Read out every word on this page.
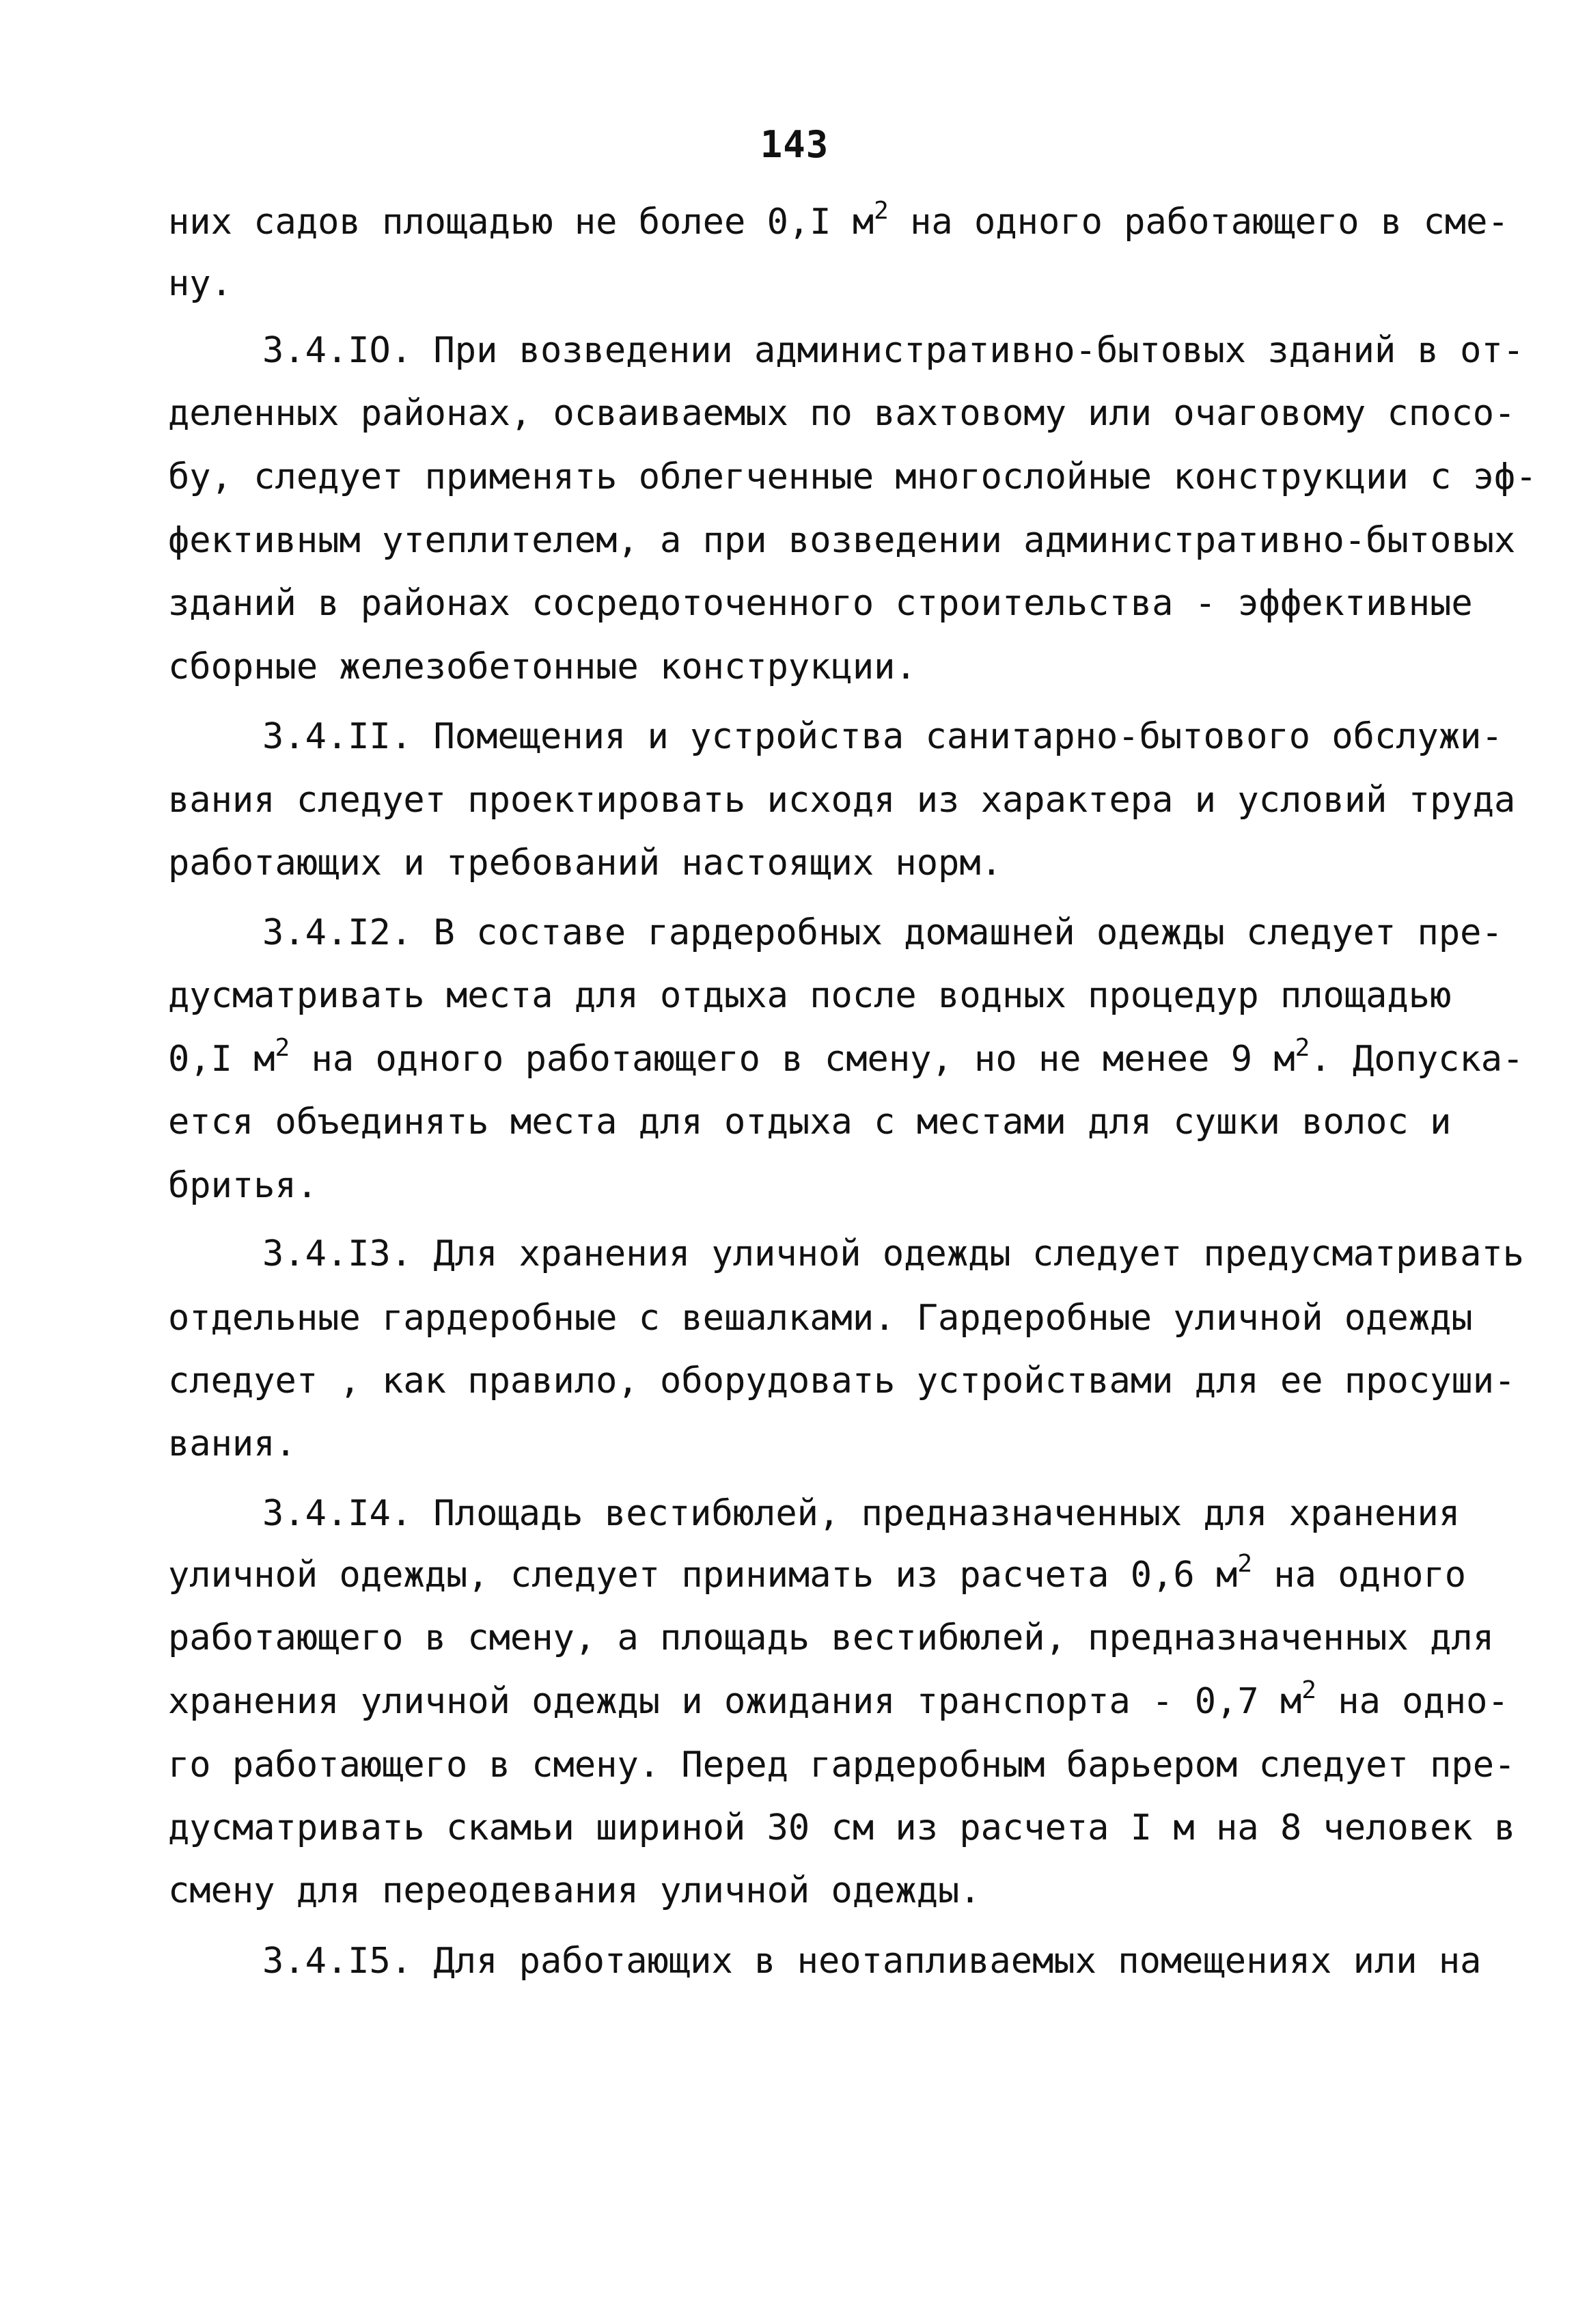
143
них садов площадью не более 0,I $м^2$ на одного работающего в сме-
ну.
3.4.IO. При возведении административно-бытовых зданий в от-
деленных районах, осваиваемых по вахтовому или очаговому спосо-
бу, следует применять облегченные многослойные конструкции с эф-
фективным утеплителем, а при возведении административно-бытовых
зданий в районах сосредоточенного строительства - эффективные
сборные железобетонные конструкции.
3.4.II. Помещения и устройства санитарно-бытового обслужи-
вания следует проектировать исходя из характера и условий труда
работающих и требований настоящих норм.
3.4.I2. В составе гардеробных домашней одежды следует пре-
дусматривать места для отдыха после водных процедур площадью
0,I $м^2$ на одного работающего в смену, но не менее 9 $м^2$. Допуска-
ется объединять места для отдыха с местами для сушки волос и
бритья.
3.4.I3. Для хранения уличной одежды следует предусматривать
отдельные гардеробные с вешалками. Гардеробные уличной одежды
следует , как правило, оборудовать устройствами для ее просуши-
вания.
3.4.I4. Площадь вестибюлей, предназначенных для хранения
уличной одежды, следует принимать из расчета 0,6 $м^2$ на одного
работающего в смену, а площадь вестибюлей, предназначенных для
хранения уличной одежды и ожидания транспорта - 0,7 $м^2$ на одно-
го работающего в смену. Перед гардеробным барьером следует пре-
дусматривать скамьи шириной 30 см из расчета I м на 8 человек в
смену для переодевания уличной одежды.
3.4.I5. Для работающих в неотапливаемых помещениях или на
